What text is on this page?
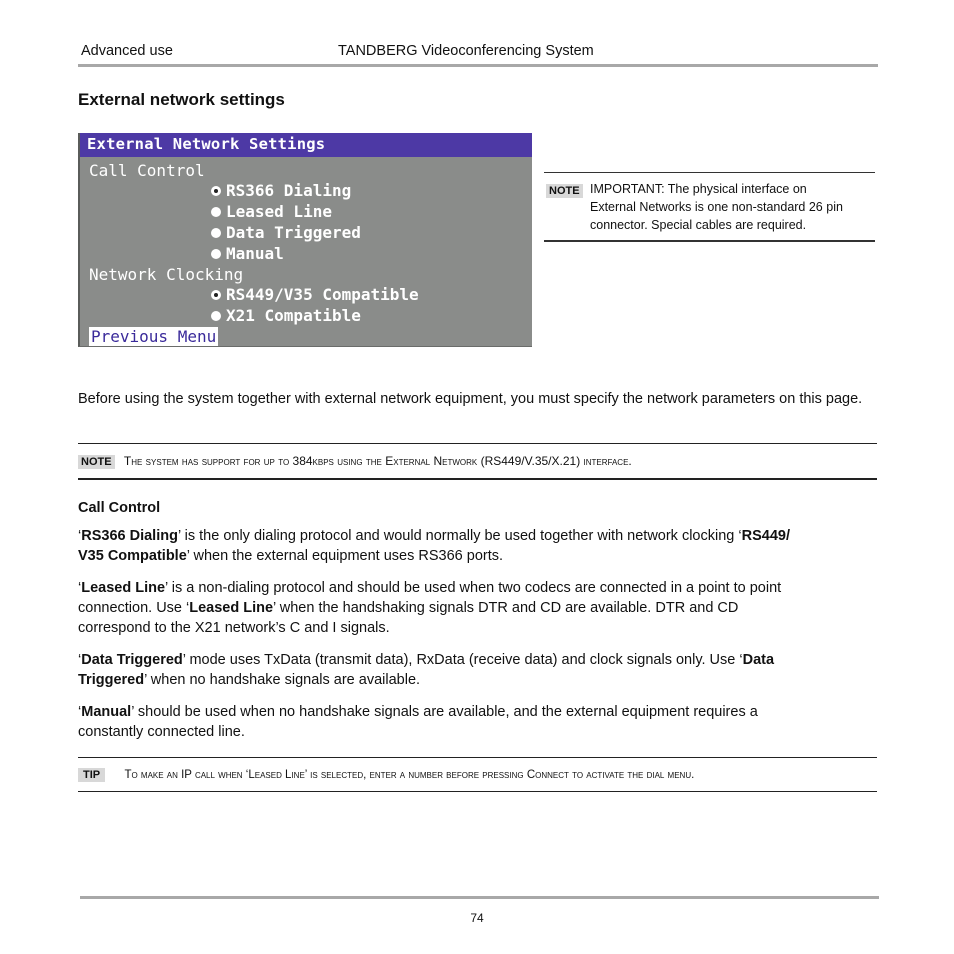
Advanced use	TANDBERG Videoconferencing System
External network settings
External Network Settings
Call Control
RS366 Dialing
Leased Line
Data Triggered
Manual
Network Clocking
RS449/V35 Compatible
X21 Compatible
Previous Menu
NOTE IMPORTANT: The physical interface on
External Networks is one non-standard 26 pin
connector. Special cables are required.
Before using the system together with external network equipment, you must specify the network parameters on this page.
NOTE The system has support for up to 384kbps using the External Network (RS449/V.35/X.21) interface.
Call Control
‘RS366 Dialing’ is the only dialing protocol and would normally be used together with network clocking ‘RS449/
V35 Compatible’ when the external equipment uses RS366 ports.
‘Leased Line’ is a non-dialing protocol and should be used when two codecs are connected in a point to point
connection. Use ‘Leased Line’ when the handshaking signals DTR and CD are available. DTR and CD
correspond to the X21 network’s C and I signals.
‘Data Triggered’ mode uses TxData (transmit data), RxData (receive data) and clock signals only. Use ‘Data
Triggered’ when no handshake signals are available.
‘Manual’ should be used when no handshake signals are available, and the external equipment requires a
constantly connected line.
TIP To make an IP call when ‘Leased Line’ is selected, enter a number before pressing Connect to activate the dial menu.
74
